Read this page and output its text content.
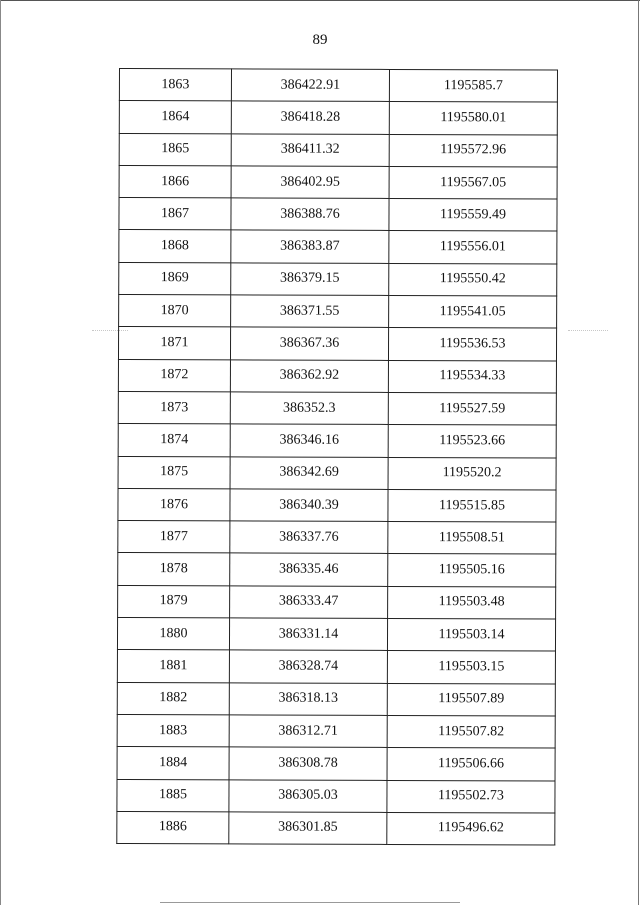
89
1863	386422.91	1195585.7
1864	386418.28	1195580.01
1865	386411.32	1195572.96
1866	386402.95	1195567.05
1867	386388.76	1195559.49
1868	386383.87	1195556.01
1869	386379.15	1195550.42
1870	386371.55	1195541.05
1871	386367.36	1195536.53
1872	386362.92	1195534.33
1873	386352.3	1195527.59
1874	386346.16	1195523.66
1875	386342.69	1195520.2
1876	386340.39	1195515.85
1877	386337.76	1195508.51
1878	386335.46	1195505.16
1879	386333.47	1195503.48
1880	386331.14	1195503.14
1881	386328.74	1195503.15
1882	386318.13	1195507.89
1883	386312.71	1195507.82
1884	386308.78	1195506.66
1885	386305.03	1195502.73
1886	386301.85	1195496.62
